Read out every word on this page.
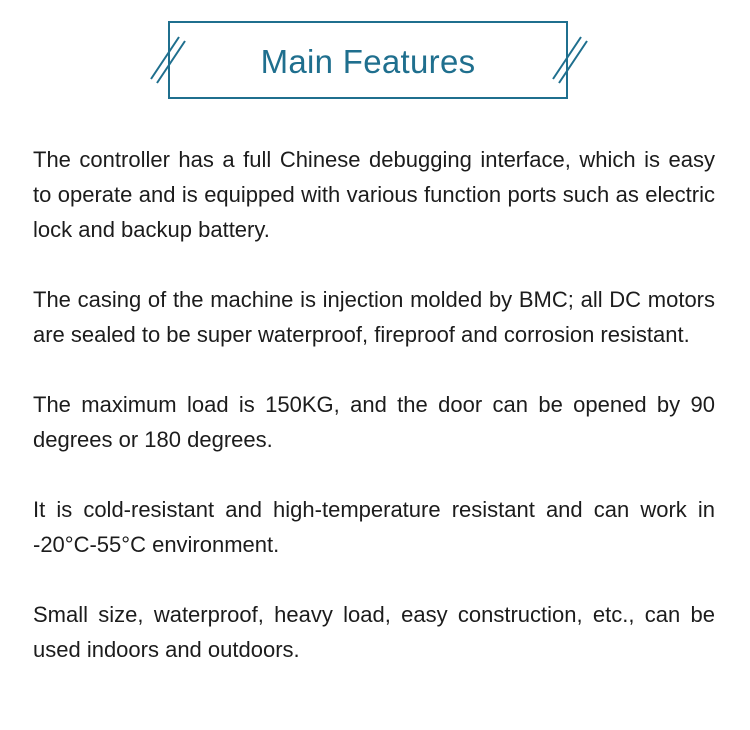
Main Features

The controller has a full Chinese debugging interface, which is easy to operate and is equipped with various function ports such as electric lock and backup battery.

The casing of the machine is injection molded by BMC; all DC motors are sealed to be super waterproof, fireproof and corrosion resistant.

The maximum load is 150KG, and the door can be opened by 90 degrees or 180 degrees.

It is cold-resistant and high-temperature resistant and can work in -20°C-55°C environment.

Small size, waterproof, heavy load, easy construction, etc., can be used indoors and outdoors.
